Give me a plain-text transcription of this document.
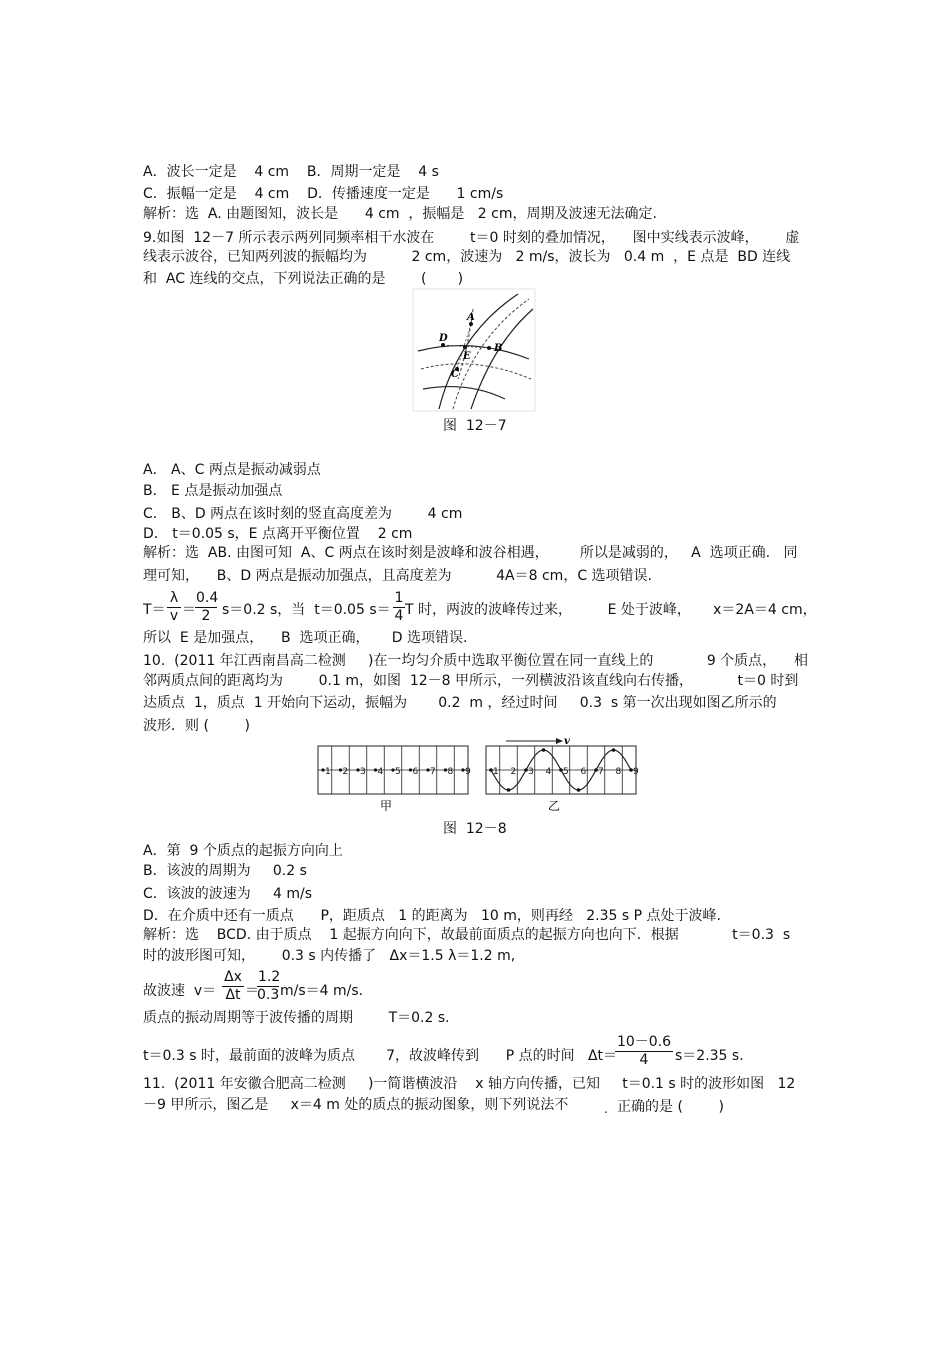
A．波长一定是    4 cm    B．周期一定是    4 s
C．振幅一定是    4 cm    D．传播速度一定是      1 cm/s
解析：选  A. 由题图知，波长是      4 cm  ，振幅是   2 cm，周期及波速无法确定.
9.如图  12－7 所示表示两列同频率相干水波在        t＝0 时刻的叠加情况，    图中实线表示波峰，      虚
线表示波谷，已知两列波的振幅均为          2 cm，波速为   2 m/s，波长为   0.4 m  ，E 点是  BD 连线
和  AC 连线的交点，下列说法正确的是        (       )
A
B
C
D
E
图  12－7
A． A、C 两点是振动减弱点
B． E 点是振动加强点
C． B、D 两点在该时刻的竖直高度差为        4 cm
D． t＝0.05 s，E 点离开平衡位置    2 cm
解析：选  AB. 由图可知  A、C 两点在该时刻是波峰和波谷相遇，       所以是减弱的，   A  选项正确.   同
理可知，    B、D 两点是振动加强点，且高度差为          4A＝8 cm，C 选项错误.
$T= \frac{\lambda}{v} = \frac{0.4}{2} s=0.2$ s，当  t＝0.05 $s= \frac{1}{4}$ T 时，两波的波峰传过来，        E 处于波峰，     x＝2A＝4 cm，
所以  E 是加强点，    B  选项正确，     D 选项错误.
10.  (2011 年江西南昌高二检测     )在一均匀介质中选取平衡位置在同一直线上的            9 个质点，    相
邻两质点间的距离均为        0.1 m，如图  12－8 甲所示，一列横波沿该直线向右传播，          t＝0 时到
达质点  1，质点  1 开始向下运动，振幅为       0.2  m ，经过时间     0.3  s 第一次出现如图乙所示的
波形．则 (        )
1 2 3 4 5 6 7 8 9 1 2 3 4 5 6 7 8 9
v
甲	乙
图  12－8
A．第  9 个质点的起振方向向上
B．该波的周期为     0.2 s
C．该波的波速为     4 m/s
D．在介质中还有一质点      P，距质点   1 的距离为   10 m，则再经   2.35 s P 点处于波峰.
解析：选    BCD. 由于质点    1 起振方向向下，故最前面质点的起振方向也向下．根据            t＝0.3  s
时的波形图可知，      0.3 s 内传播了   Δx＝1.5 λ＝1.2 m,
故波速  $v= \frac{\Delta x}{\Delta t}$ ＝
$\frac{1.2}{0.3} m/s=4$ m/s.
质点的振动周期等于波传播的周期        T＝0.2 s.
t＝0.3 s 时，最前面的波峰为质点       7，故波峰传到      P 点的时间   Δt＝
$\frac{10-0.6}{4} s=2.35$ s.
11.  (2011 年安徽合肥高二检测     )一简谐横波沿    x 轴方向传播，已知     t＝0.1 s 时的波形如图   12
－9 甲所示，图乙是     x＝4 m 处的质点的振动图象，则下列说法不	. 正确的是 (        )
